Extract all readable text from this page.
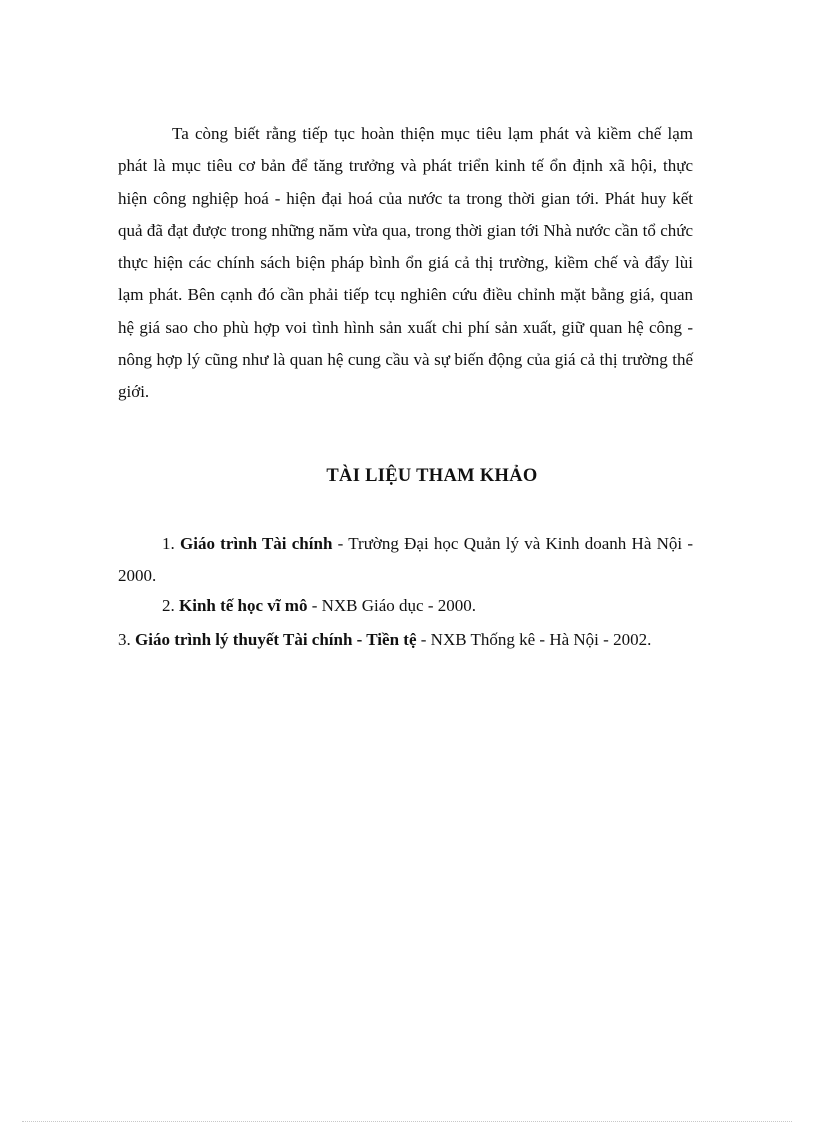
Ta còng biết rằng tiếp tục hoàn thiện mục tiêu lạm phát và kiềm chế lạm phát là mục tiêu cơ bản để tăng trưởng và phát triển kinh tế ổn định xã hội, thực hiện công nghiệp hoá - hiện đại hoá của nước ta trong thời gian tới. Phát huy kết quả đã đạt được trong những năm vừa qua, trong thời gian tới Nhà nước cần tổ chức thực hiện các chính sách biện pháp bình ổn giá cả thị trường, kiềm chế và đẩy lùi lạm phát. Bên cạnh đó cần phải tiếp tcụ nghiên cứu điều chỉnh mặt bằng giá, quan hệ giá sao cho phù hợp voi tình hình sản xuất chi phí sản xuất, giữ quan hệ công - nông hợp lý cũng như là quan hệ cung cầu và sự biến động của giá cả thị trường thế giới.

TÀI LIỆU THAM KHẢO

1. Giáo trình Tài chính - Trường Đại học Quản lý và Kinh doanh Hà Nội - 2000.

2. Kinh tế học vĩ mô - NXB Giáo dục - 2000.

3. Giáo trình lý thuyết Tài chính - Tiền tệ - NXB Thống kê - Hà Nội - 2002.
